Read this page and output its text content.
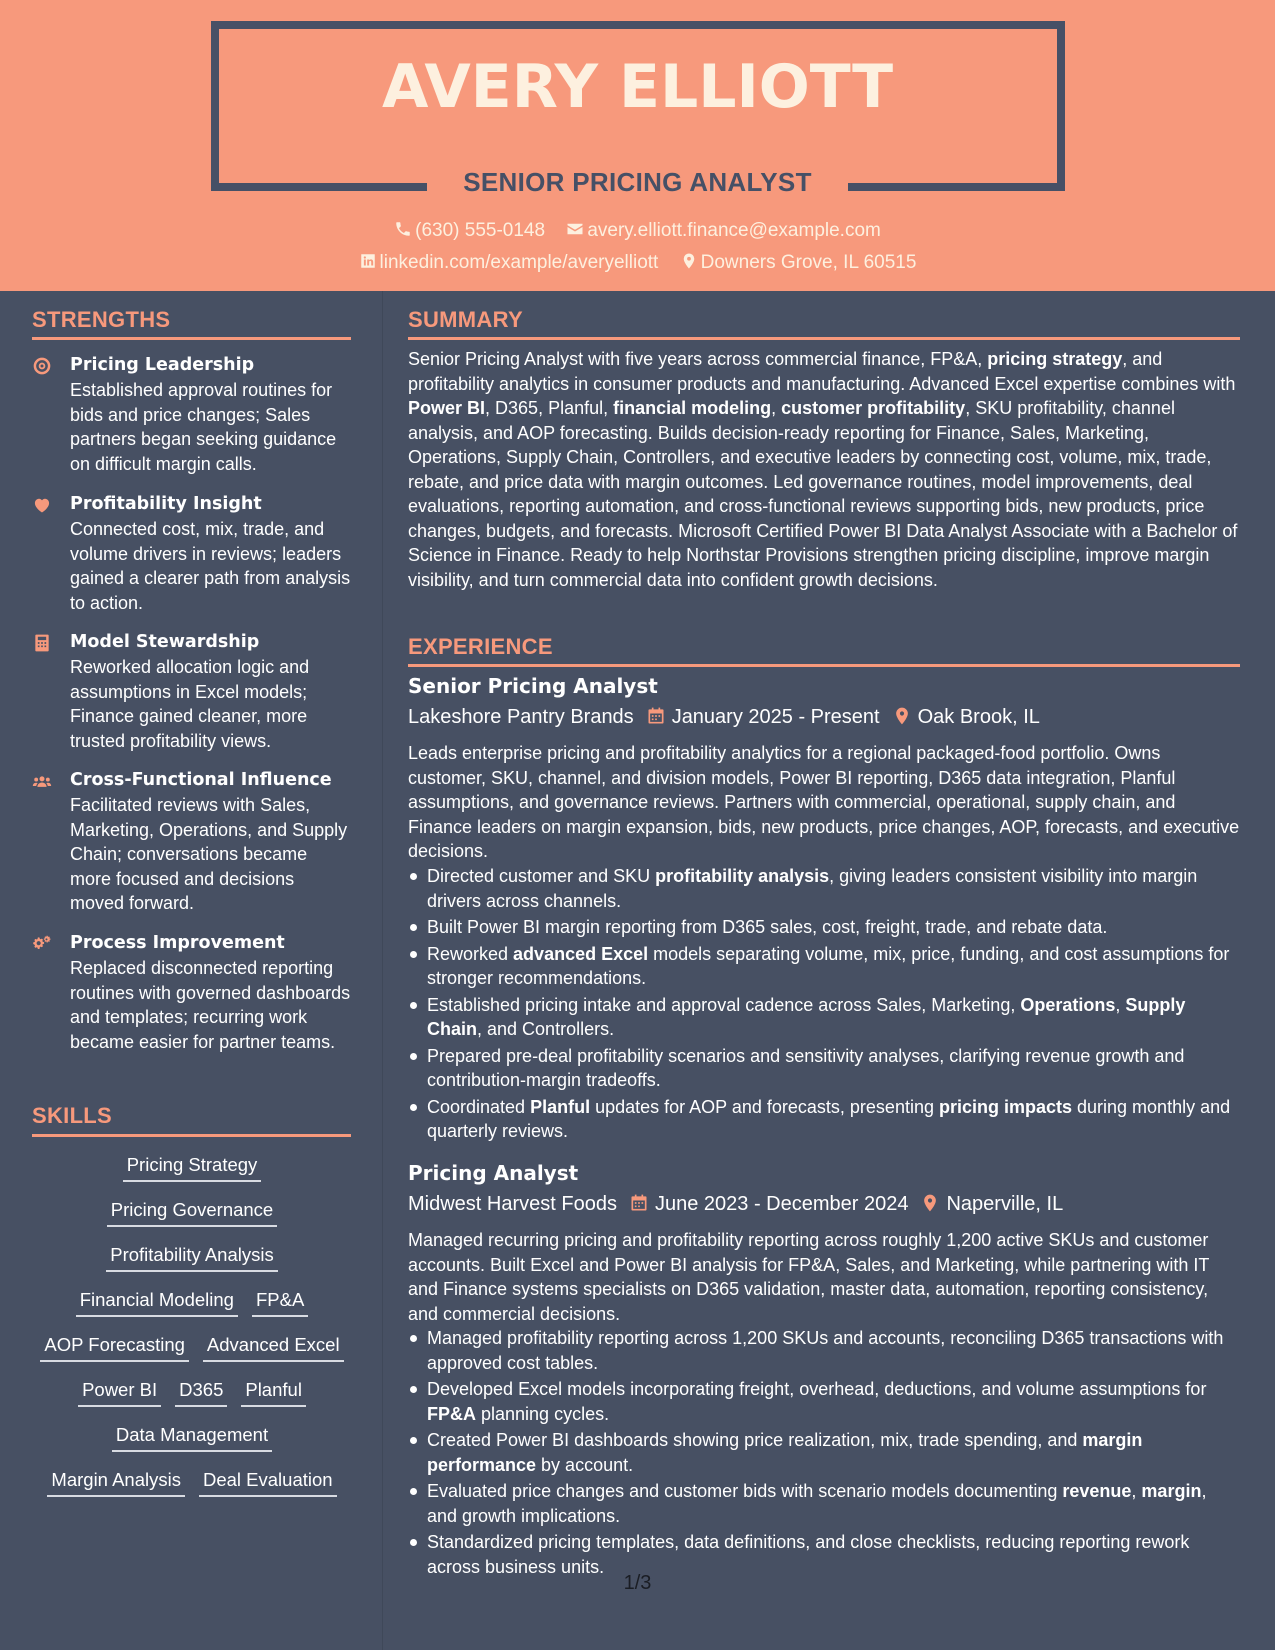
AVERY ELLIOTT
SENIOR PRICING ANALYST
(630) 555-0148 avery.elliott.finance@example.com
linkedin.com/example/averyelliott Downers Grove, IL 60515
STRENGTHS
Pricing Leadership
Established approval routines for bids and price changes; Sales partners began seeking guidance on difficult margin calls.
Profitability Insight
Connected cost, mix, trade, and volume drivers in reviews; leaders gained a clearer path from analysis to action.
Model Stewardship
Reworked allocation logic and assumptions in Excel models; Finance gained cleaner, more trusted profitability views.
Cross-Functional Influence
Facilitated reviews with Sales, Marketing, Operations, and Supply Chain; conversations became more focused and decisions moved forward.
Process Improvement
Replaced disconnected reporting routines with governed dashboards and templates; recurring work became easier for partner teams.
SKILLS
Pricing Strategy
Pricing Governance
Profitability Analysis
Financial Modeling FP&A
AOP Forecasting Advanced Excel
Power BI D365 Planful
Data Management
Margin Analysis Deal Evaluation
SUMMARY
Senior Pricing Analyst with five years across commercial finance, FP&A, pricing strategy, and profitability analytics in consumer products and manufacturing. Advanced Excel expertise combines with Power BI, D365, Planful, financial modeling, customer profitability, SKU profitability, channel analysis, and AOP forecasting. Builds decision-ready reporting for Finance, Sales, Marketing, Operations, Supply Chain, Controllers, and executive leaders by connecting cost, volume, mix, trade, rebate, and price data with margin outcomes. Led governance routines, model improvements, deal evaluations, reporting automation, and cross-functional reviews supporting bids, new products, price changes, budgets, and forecasts. Microsoft Certified Power BI Data Analyst Associate with a Bachelor of Science in Finance. Ready to help Northstar Provisions strengthen pricing discipline, improve margin visibility, and turn commercial data into confident growth decisions.
EXPERIENCE
Senior Pricing Analyst
Lakeshore Pantry Brands January 2025 - Present Oak Brook, IL
Leads enterprise pricing and profitability analytics for a regional packaged-food portfolio. Owns customer, SKU, channel, and division models, Power BI reporting, D365 data integration, Planful assumptions, and governance reviews. Partners with commercial, operational, supply chain, and Finance leaders on margin expansion, bids, new products, price changes, AOP, forecasts, and executive decisions.
Directed customer and SKU profitability analysis, giving leaders consistent visibility into margin drivers across channels.
Built Power BI margin reporting from D365 sales, cost, freight, trade, and rebate data.
Reworked advanced Excel models separating volume, mix, price, funding, and cost assumptions for stronger recommendations.
Established pricing intake and approval cadence across Sales, Marketing, Operations, Supply Chain, and Controllers.
Prepared pre-deal profitability scenarios and sensitivity analyses, clarifying revenue growth and contribution-margin tradeoffs.
Coordinated Planful updates for AOP and forecasts, presenting pricing impacts during monthly and quarterly reviews.
Pricing Analyst
Midwest Harvest Foods June 2023 - December 2024 Naperville, IL
Managed recurring pricing and profitability reporting across roughly 1,200 active SKUs and customer accounts. Built Excel and Power BI analysis for FP&A, Sales, and Marketing, while partnering with IT and Finance systems specialists on D365 validation, master data, automation, reporting consistency, and commercial decisions.
Managed profitability reporting across 1,200 SKUs and accounts, reconciling D365 transactions with approved cost tables.
Developed Excel models incorporating freight, overhead, deductions, and volume assumptions for FP&A planning cycles.
Created Power BI dashboards showing price realization, mix, trade spending, and margin performance by account.
Evaluated price changes and customer bids with scenario models documenting revenue, margin, and growth implications.
Standardized pricing templates, data definitions, and close checklists, reducing reporting rework across business units.
1/3
